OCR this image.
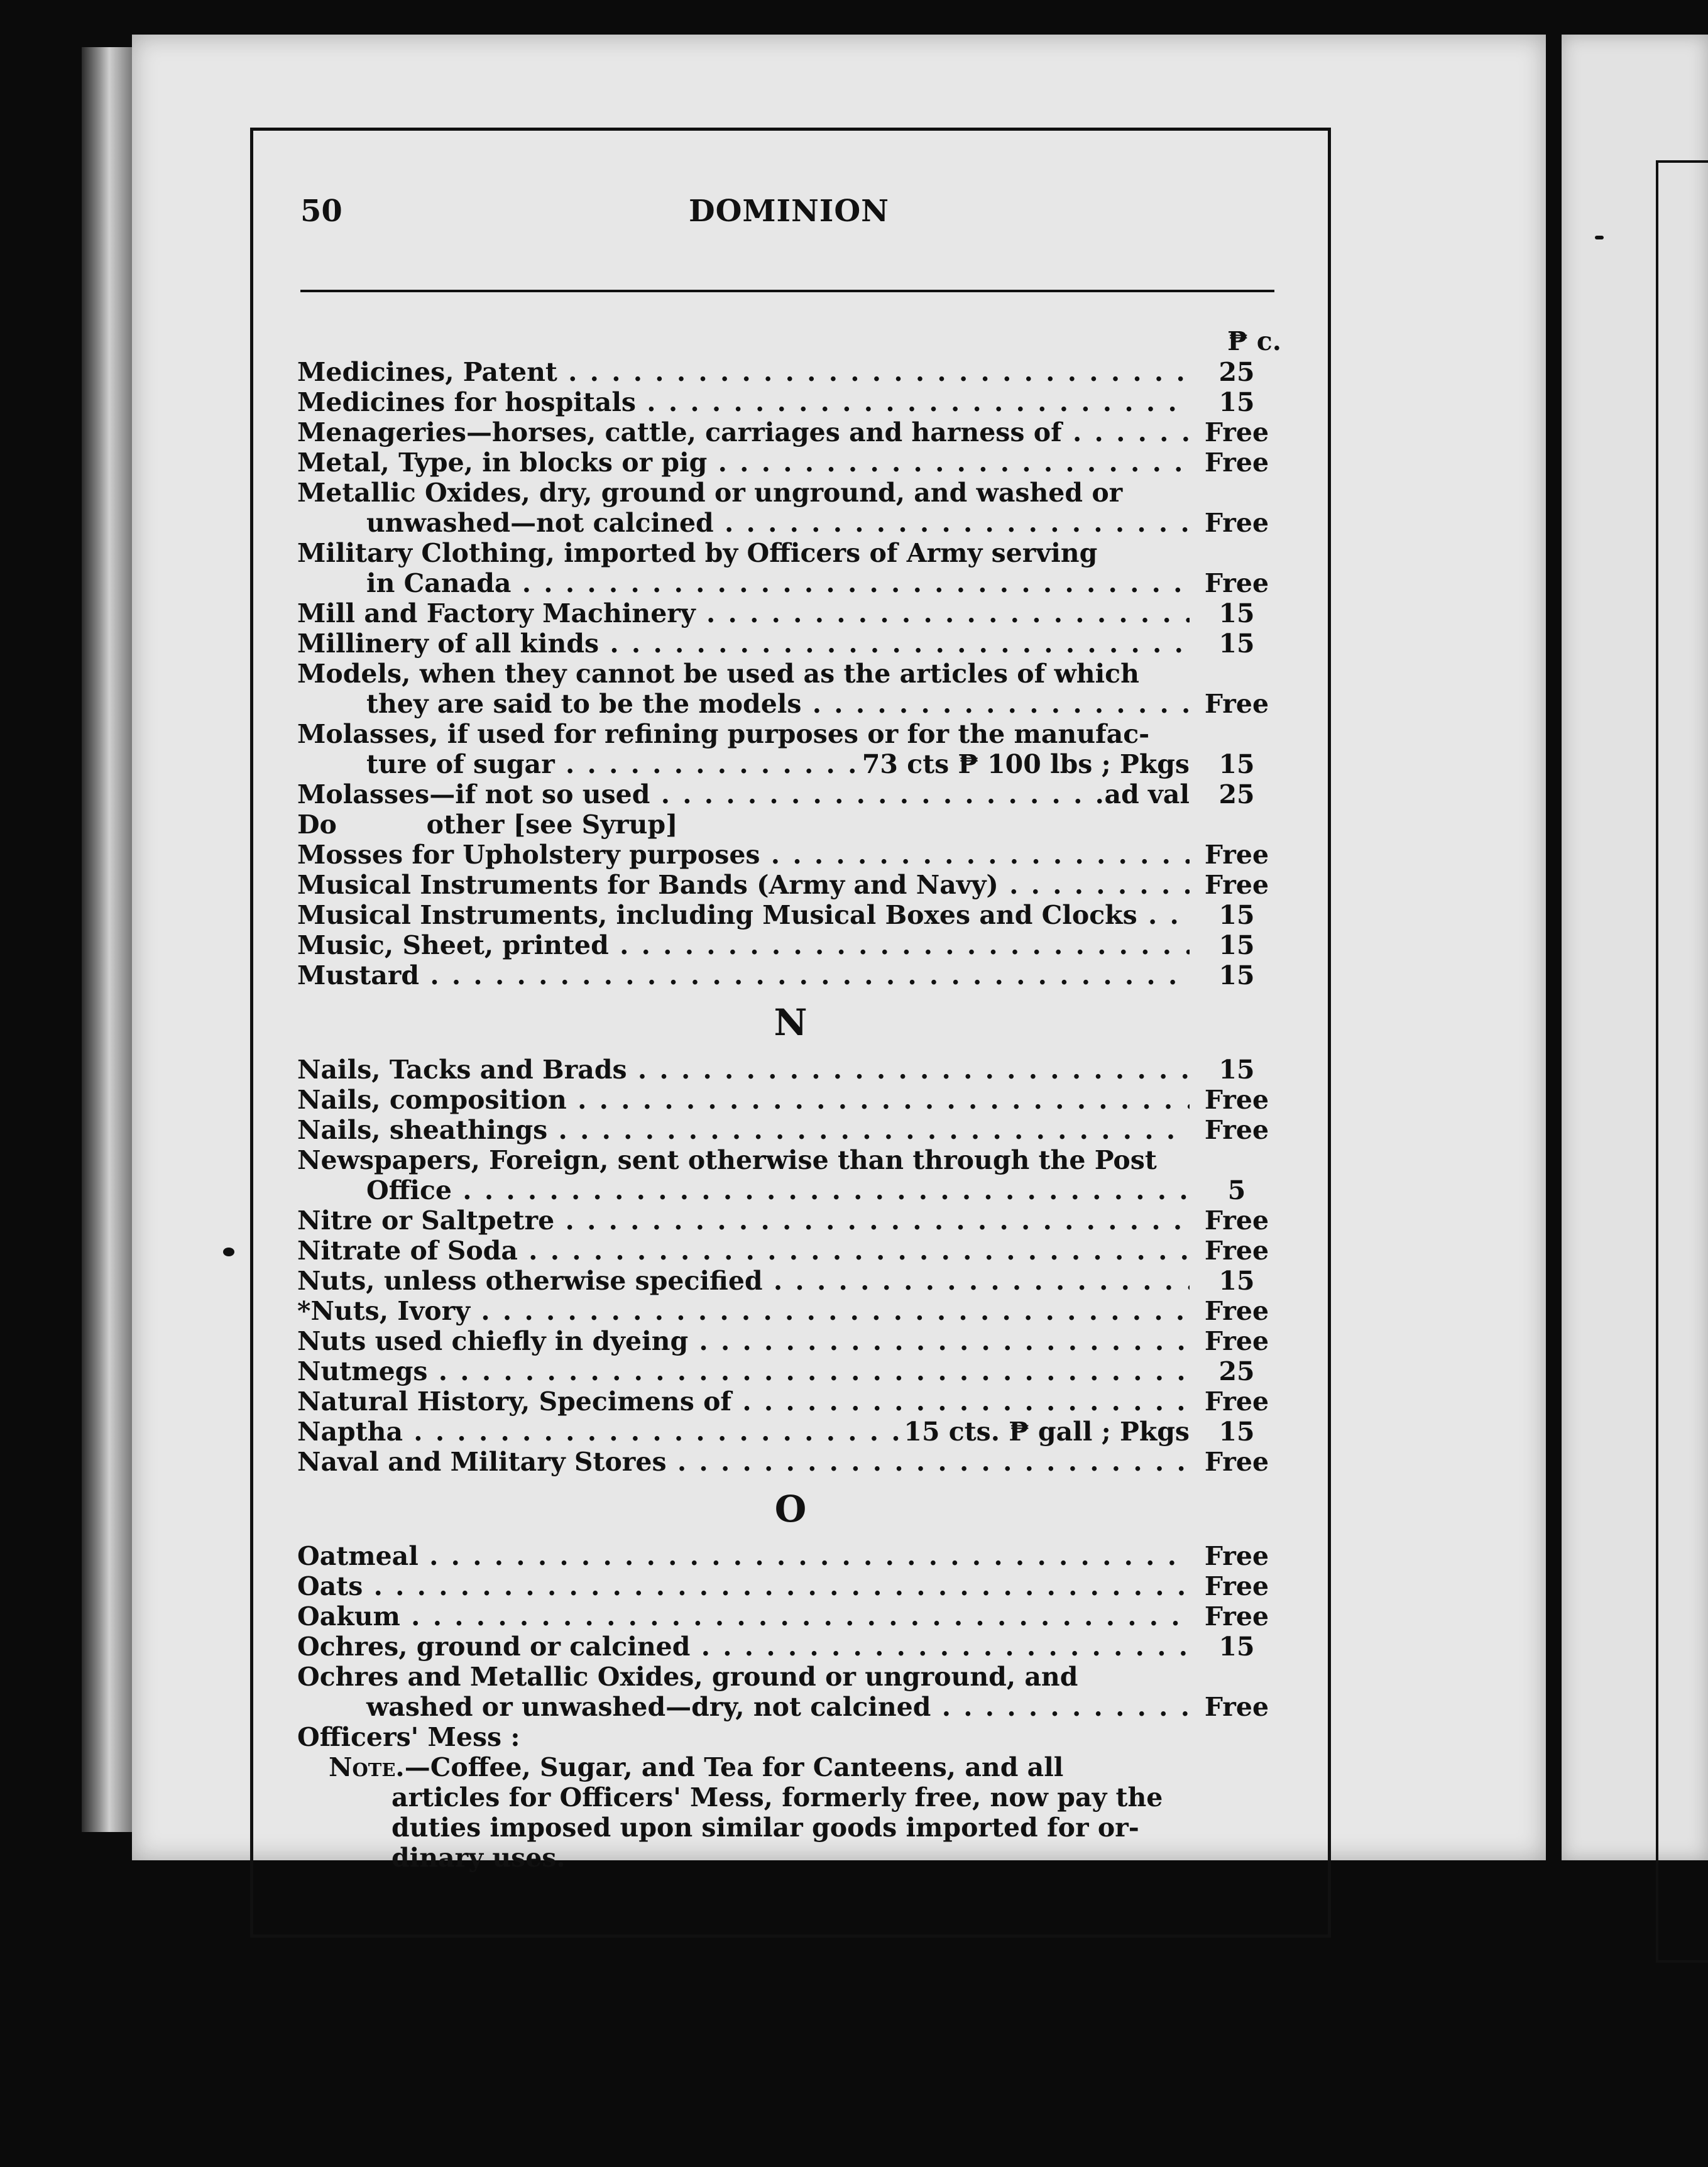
50	DOMINION
₱ c.
Medicines, Patent . . .	25
Medicines for hospitals . . .	15
Menageries—horses, cattle, carriages and harness of . . .	Free
Metal, Type, in blocks or pig . . .	Free
Metallic Oxides, dry, ground or unground, and washed or
unwashed—not calcined . . .	Free
Military Clothing, imported by Officers of Army serving
in Canada . . .	Free
Mill and Factory Machinery . . .	15
Millinery of all kinds . . .	15
Models, when they cannot be used as the articles of which
they are said to be the models . . .	Free
Molasses, if used for refining purposes or for the manufac-
ture of sugar . . .	73 cts ₱ 100 lbs ; Pkgs	15
Molasses—if not so used . . .	ad val	25
Do          other [see Syrup]
Mosses for Upholstery purposes . . .	Free
Musical Instruments for Bands (Army and Navy) . . .	Free
Musical Instruments, including Musical Boxes and Clocks . . .	15
Music, Sheet, printed . . .	15
Mustard . . .	15
N
Nails, Tacks and Brads . . .	15
Nails, composition . . .	Free
Nails, sheathings . . .	Free
Newspapers, Foreign, sent otherwise than through the Post
Office . . .	5
Nitre or Saltpetre . . .	Free
Nitrate of Soda . . .	Free
Nuts, unless otherwise specified . . .	15
*Nuts, Ivory . . .	Free
Nuts used chiefly in dyeing . . .	Free
Nutmegs . . .	25
Natural History, Specimens of . . .	Free
Naptha . . .	15 cts. ₱ gall ; Pkgs	15
Naval and Military Stores . . .	Free
O
Oatmeal . . .	Free
Oats . . .	Free
Oakum . . .	Free
Ochres, ground or calcined . . .	15
Ochres and Metallic Oxides, ground or unground, and
washed or unwashed—dry, not calcined . . .	Free
Officers' Mess :
Note.—Coffee, Sugar, and Tea for Canteens, and all
articles for Officers' Mess, formerly free, now pay the
duties imposed upon similar goods imported for or-
dinary uses.
